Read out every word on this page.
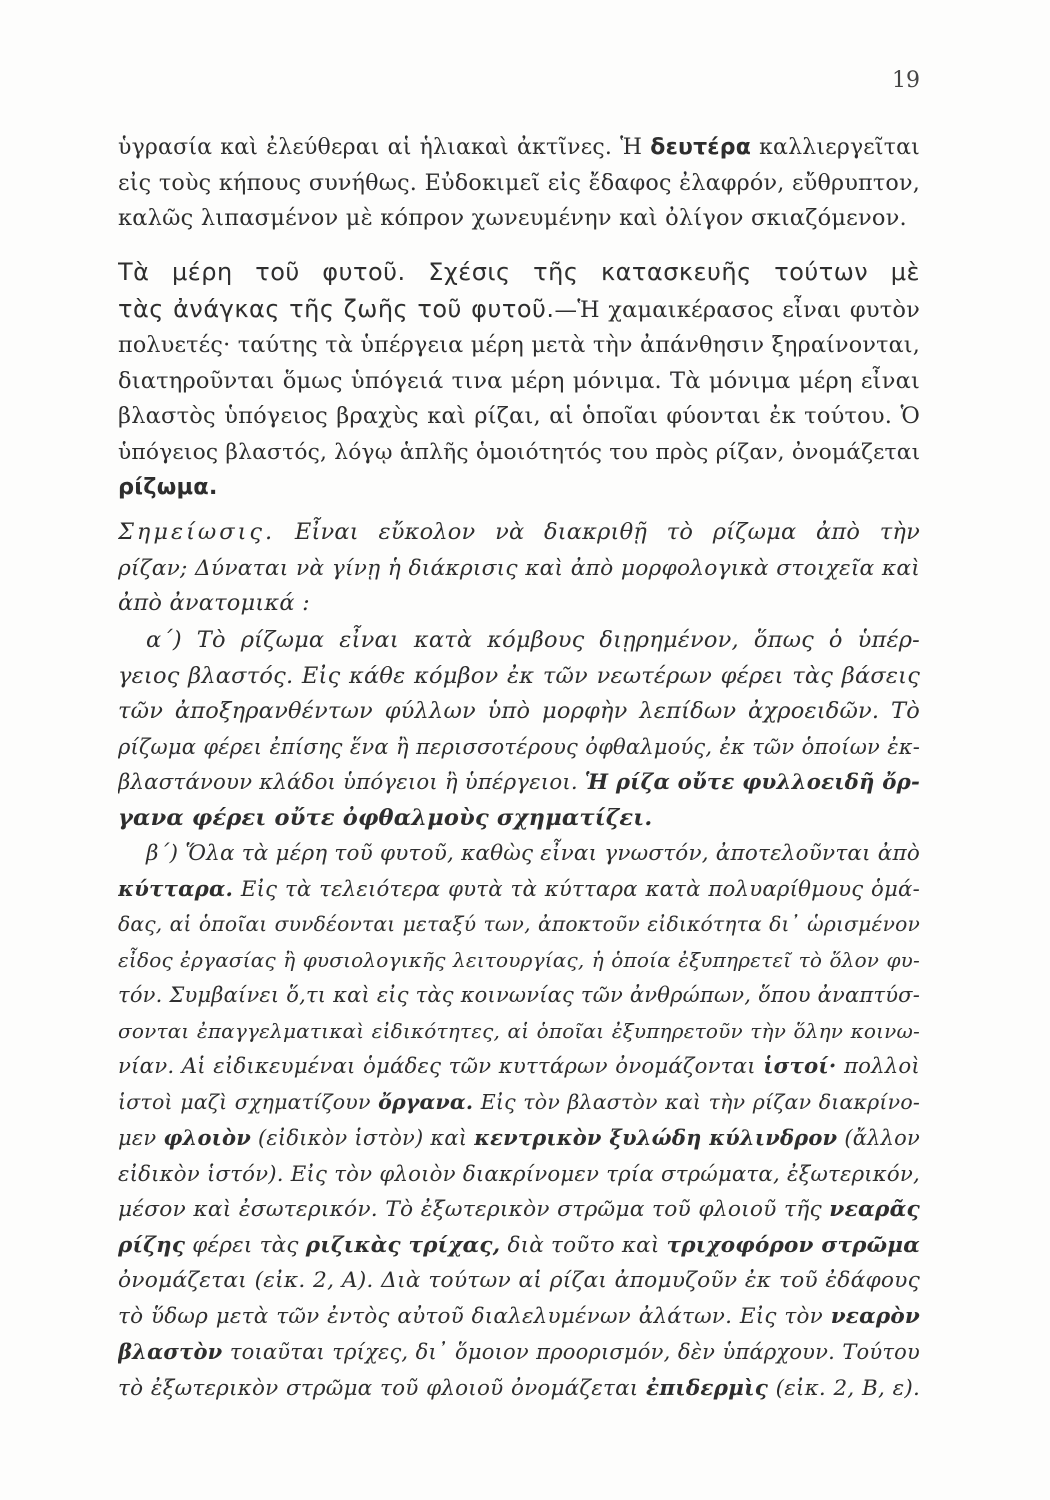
19
ὑγρασία καὶ ἐλεύθεραι αἱ ἡλιακαὶ ἀκτῖνες. Ἡ δευτέρα καλλιεργεῖται
εἰς τοὺς κήπους συνήθως. Εὐδοκιμεῖ εἰς ἔδαφος ἐλαφρόν, εὔθρυπτον,
καλῶς λιπασμένον μὲ κόπρον χωνευμένην καὶ ὀλίγον σκιαζόμενον.
Τὰ μέρη τοῦ φυτοῦ. Σχέσις τῆς κατασκευῆς τούτων μὲ
τὰς ἀνάγκας τῆς ζωῆς τοῦ φυτοῦ.—Ἡ χαμαικέρασος εἶναι φυτὸν
πολυετές· ταύτης τὰ ὑπέργεια μέρη μετὰ τὴν ἀπάνθησιν ξηραίνονται,
διατηροῦνται ὅμως ὑπόγειά τινα μέρη μόνιμα. Τὰ μόνιμα μέρη εἶναι
βλαστὸς ὑπόγειος βραχὺς καὶ ρίζαι, αἱ ὁποῖαι φύονται ἐκ τούτου. Ὁ
ὑπόγειος βλαστός, λόγῳ ἁπλῆς ὁμοιότητός του πρὸς ρίζαν, ὀνομάζεται
ρίζωμα.
Σημείωσις. Εἶναι εὔκολον νὰ διακριθῇ τὸ ρίζωμα ἀπὸ τὴν
ρίζαν; Δύναται νὰ γίνῃ ἡ διάκρισις καὶ ἀπὸ μορφολογικὰ στοιχεῖα καὶ
ἀπὸ ἀνατομικά :
α΄) Τὸ ρίζωμα εἶναι κατὰ κόμβους διῃρημένον, ὅπως ὁ ὑπέρ-
γειος βλαστός. Εἰς κάθε κόμβον ἐκ τῶν νεωτέρων φέρει τὰς βάσεις
τῶν ἀποξηρανθέντων φύλλων ὑπὸ μορφὴν λεπίδων ἀχροειδῶν. Τὸ
ρίζωμα φέρει ἐπίσης ἕνα ἢ περισσοτέρους ὀφθαλμούς, ἐκ τῶν ὁποίων ἐκ-
βλαστάνουν κλάδοι ὑπόγειοι ἢ ὑπέργειοι. Ἡ ρίζα οὔτε φυλλοειδῆ ὄρ-
γανα φέρει οὔτε ὀφθαλμοὺς σχηματίζει.
β΄) Ὅλα τὰ μέρη τοῦ φυτοῦ, καθὼς εἶναι γνωστόν, ἀποτελοῦνται ἀπὸ
κύτταρα. Εἰς τὰ τελειότερα φυτὰ τὰ κύτταρα κατὰ πολυαρίθμους ὁμά-
δας, αἱ ὁποῖαι συνδέονται μεταξύ των, ἀποκτοῦν εἰδικότητα δι᾿ ὡρισμένον
εἶδος ἐργασίας ἢ φυσιολογικῆς λειτουργίας, ἡ ὁποία ἐξυπηρετεῖ τὸ ὅλον φυ-
τόν. Συμβαίνει ὅ,τι καὶ εἰς τὰς κοινωνίας τῶν ἀνθρώπων, ὅπου ἀναπτύσ-
σονται ἐπαγγελματικαὶ εἰδικότητες, αἱ ὁποῖαι ἐξυπηρετοῦν τὴν ὅλην κοινω-
νίαν. Αἱ εἰδικευμέναι ὁμάδες τῶν κυττάρων ὀνομάζονται ἱστοί· πολλοὶ
ἱστοὶ μαζὶ σχηματίζουν ὄργανα. Εἰς τὸν βλαστὸν καὶ τὴν ρίζαν διακρίνο-
μεν φλοιὸν (εἰδικὸν ἱστὸν) καὶ κεντρικὸν ξυλώδη κύλινδρον (ἄλλον
εἰδικὸν ἱστόν). Εἰς τὸν φλοιὸν διακρίνομεν τρία στρώματα, ἐξωτερικόν,
μέσον καὶ ἐσωτερικόν. Τὸ ἐξωτερικὸν στρῶμα τοῦ φλοιοῦ τῆς νεαρᾶς
ρίζης φέρει τὰς ριζικὰς τρίχας, διὰ τοῦτο καὶ τριχοφόρον στρῶμα
ὀνομάζεται (εἰκ. 2, Α). Διὰ τούτων αἱ ρίζαι ἀπομυζοῦν ἐκ τοῦ ἐδάφους
τὸ ὕδωρ μετὰ τῶν ἐντὸς αὐτοῦ διαλελυμένων ἀλάτων. Εἰς τὸν νεαρὸν
βλαστὸν τοιαῦται τρίχες, δι᾿ ὅμοιον προορισμόν, δὲν ὑπάρχουν. Τούτου
τὸ ἐξωτερικὸν στρῶμα τοῦ φλοιοῦ ὀνομάζεται ἐπιδερμὶς (εἰκ. 2, Β, ε).
